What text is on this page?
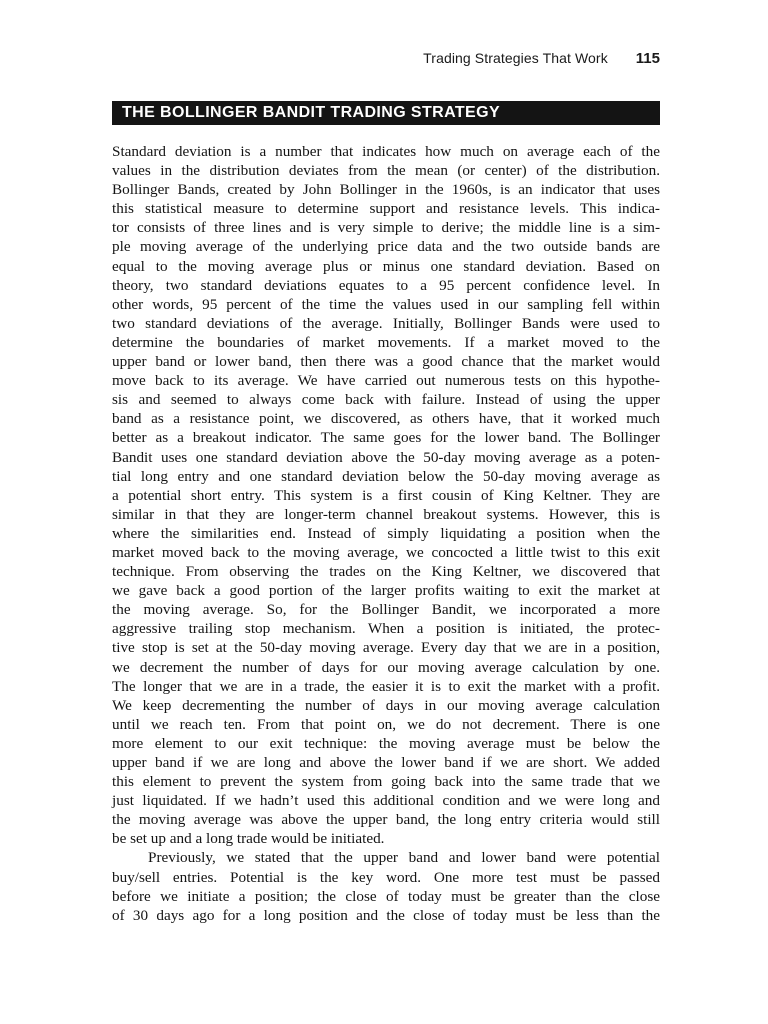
Trading Strategies That Work 115
THE BOLLINGER BANDIT TRADING STRATEGY
Standard deviation is a number that indicates how much on average each of the
values in the distribution deviates from the mean (or center) of the distribution.
Bollinger Bands, created by John Bollinger in the 1960s, is an indicator that uses
this statistical measure to determine support and resistance levels. This indica-
tor consists of three lines and is very simple to derive; the middle line is a sim-
ple moving average of the underlying price data and the two outside bands are
equal to the moving average plus or minus one standard deviation. Based on
theory, two standard deviations equates to a 95 percent confidence level. In
other words, 95 percent of the time the values used in our sampling fell within
two standard deviations of the average. Initially, Bollinger Bands were used to
determine the boundaries of market movements. If a market moved to the
upper band or lower band, then there was a good chance that the market would
move back to its average. We have carried out numerous tests on this hypothe-
sis and seemed to always come back with failure. Instead of using the upper
band as a resistance point, we discovered, as others have, that it worked much
better as a breakout indicator. The same goes for the lower band. The Bollinger
Bandit uses one standard deviation above the 50-day moving average as a poten-
tial long entry and one standard deviation below the 50-day moving average as
a potential short entry. This system is a first cousin of King Keltner. They are
similar in that they are longer-term channel breakout systems. However, this is
where the similarities end. Instead of simply liquidating a position when the
market moved back to the moving average, we concocted a little twist to this exit
technique. From observing the trades on the King Keltner, we discovered that
we gave back a good portion of the larger profits waiting to exit the market at
the moving average. So, for the Bollinger Bandit, we incorporated a more
aggressive trailing stop mechanism. When a position is initiated, the protec-
tive stop is set at the 50-day moving average. Every day that we are in a position,
we decrement the number of days for our moving average calculation by one.
The longer that we are in a trade, the easier it is to exit the market with a profit.
We keep decrementing the number of days in our moving average calculation
until we reach ten. From that point on, we do not decrement. There is one
more element to our exit technique: the moving average must be below the
upper band if we are long and above the lower band if we are short. We added
this element to prevent the system from going back into the same trade that we
just liquidated. If we hadn’t used this additional condition and we were long and
the moving average was above the upper band, the long entry criteria would still
be set up and a long trade would be initiated.
Previously, we stated that the upper band and lower band were potential
buy/sell entries. Potential is the key word. One more test must be passed
before we initiate a position; the close of today must be greater than the close
of 30 days ago for a long position and the close of today must be less than the
